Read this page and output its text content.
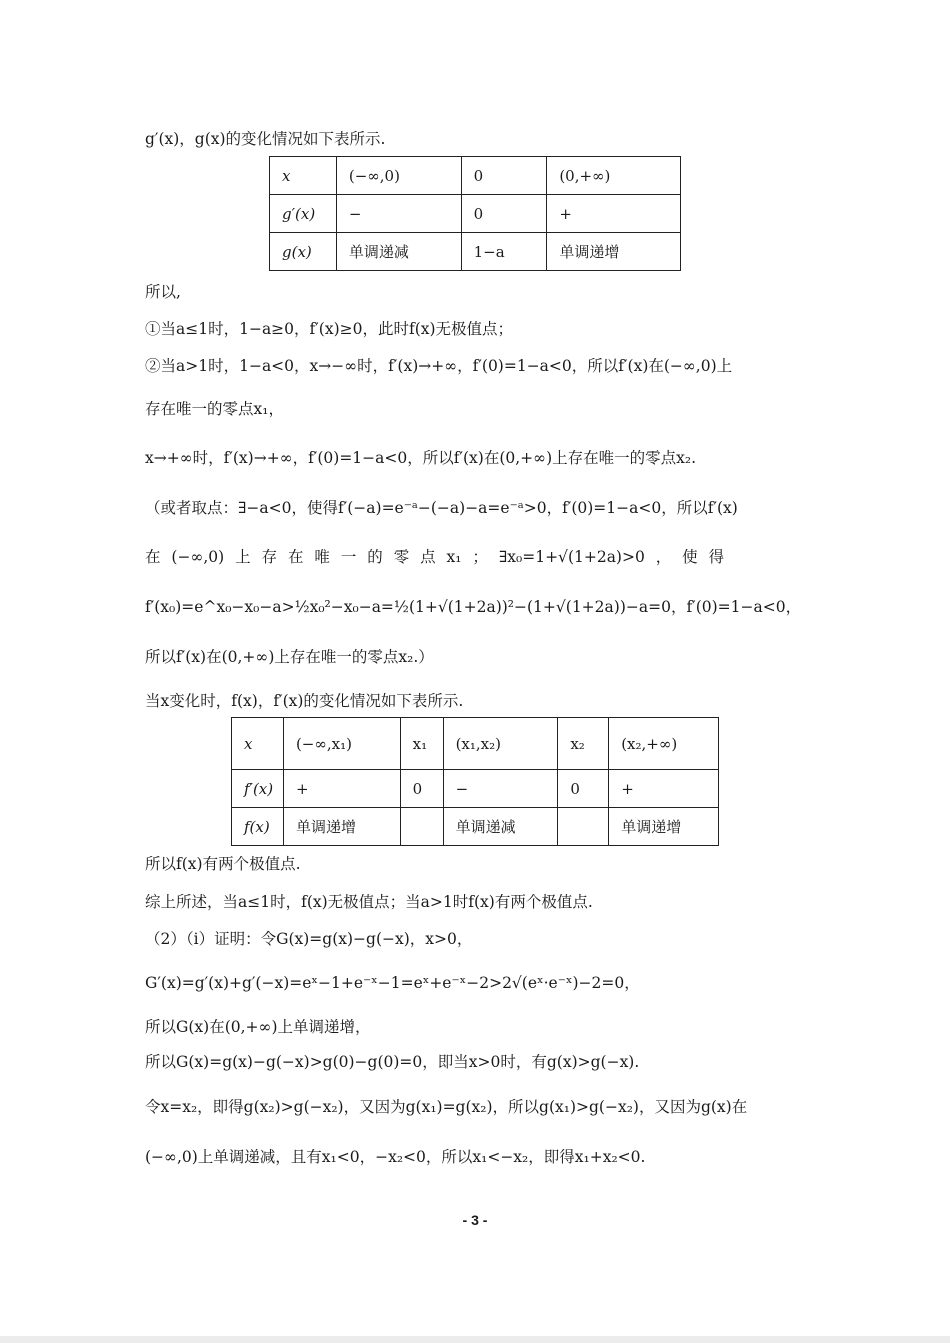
g′(x)，g(x)的变化情况如下表所示.
x	(−∞,0)	0	(0,+∞)
g′(x)	−	0	+
g(x)	单调递减	1−a	单调递增
所以,
①当a≤1时，1−a≥0，f′(x)≥0，此时f(x)无极值点；
②当a>1时，1−a<0，x→−∞时，f′(x)→+∞，f′(0)=1−a<0，所以f′(x)在(−∞,0)上
存在唯一的零点x₁，
x→+∞时，f′(x)→+∞，f′(0)=1−a<0，所以f′(x)在(0,+∞)上存在唯一的零点x₂.
（或者取点：∃−a<0，使得f′(−a)=e⁻ᵃ−(−a)−a=e⁻ᵃ>0，f′(0)=1−a<0，所以f′(x)
在 (−∞,0) 上 存 在 唯 一 的 零 点 x₁ ； ∃x₀=1+√(1+2a)>0 ， 使 得
f′(x₀)=e^x₀−x₀−a>½x₀²−x₀−a=½(1+√(1+2a))²−(1+√(1+2a))−a=0，f′(0)=1−a<0，
所以f′(x)在(0,+∞)上存在唯一的零点x₂.）
当x变化时，f(x)，f′(x)的变化情况如下表所示.
x	(−∞,x₁)	x₁	(x₁,x₂)	x₂	(x₂,+∞)
f′(x)	+	0	−	0	+
f(x)	单调递增		单调递减		单调递增
所以f(x)有两个极值点.
综上所述，当a≤1时，f(x)无极值点；当a>1时f(x)有两个极值点.
（2）（i）证明：令G(x)=g(x)−g(−x)，x>0，
G′(x)=g′(x)+g′(−x)=eˣ−1+e⁻ˣ−1=eˣ+e⁻ˣ−2>2√(eˣ·e⁻ˣ)−2=0，
所以G(x)在(0,+∞)上单调递增，
所以G(x)=g(x)−g(−x)>g(0)−g(0)=0，即当x>0时，有g(x)>g(−x).
令x=x₂，即得g(x₂)>g(−x₂)，又因为g(x₁)=g(x₂)，所以g(x₁)>g(−x₂)，又因为g(x)在
(−∞,0)上单调递减，且有x₁<0，−x₂<0，所以x₁<−x₂，即得x₁+x₂<0.
- 3 -
